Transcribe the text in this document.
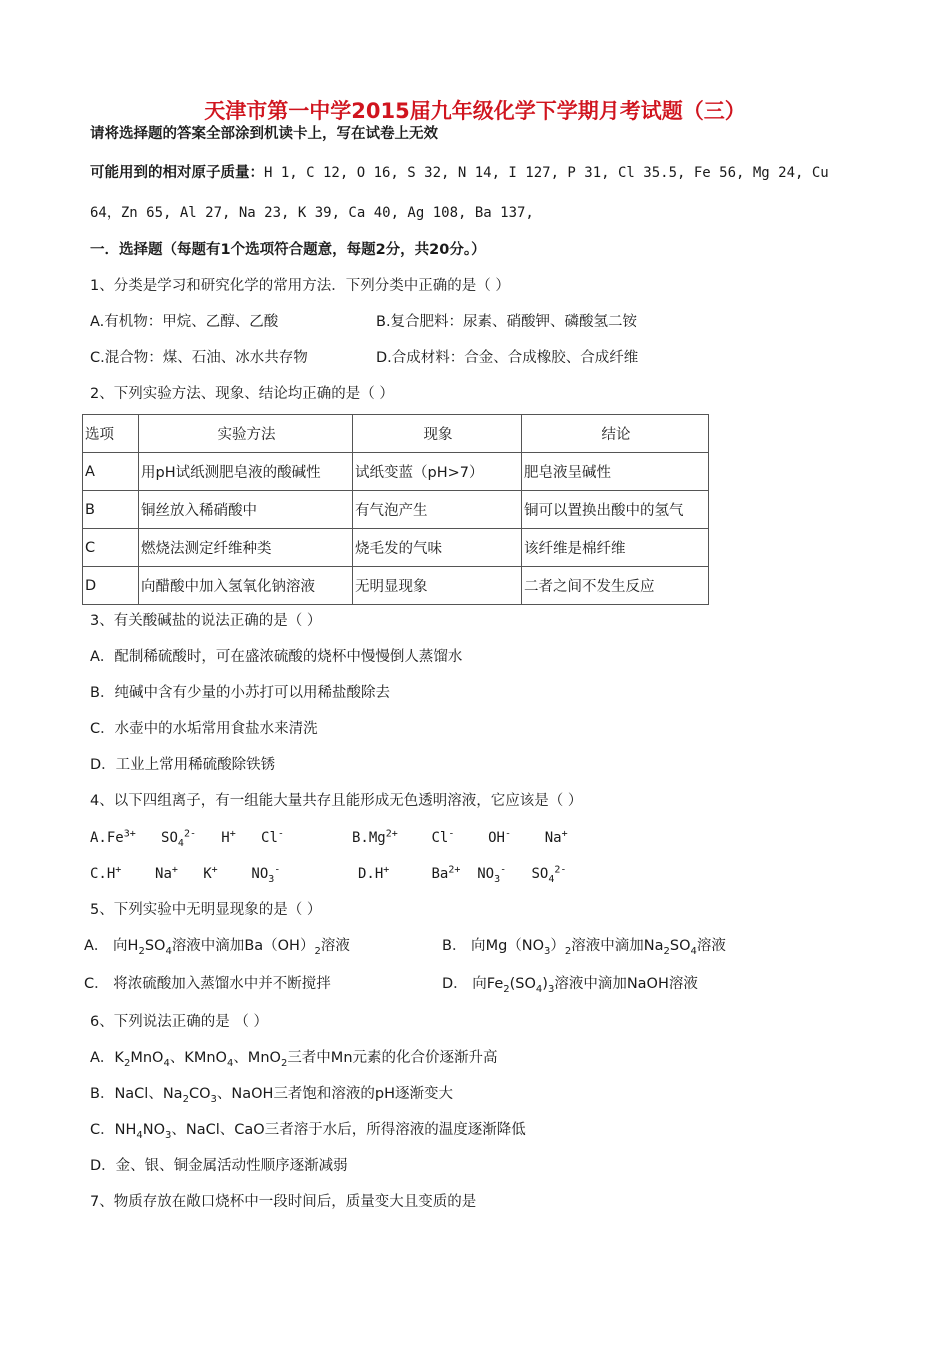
天津市第一中学2015届九年级化学下学期月考试题（三）
请将选择题的答案全部涂到机读卡上，写在试卷上无效
可能用到的相对原子质量：H 1, C 12, O 16, S 32, N 14, I 127, P 31, Cl 35.5, Fe 56, Mg 24, Cu
64，Zn 65, Al 27, Na 23, K 39, Ca 40, Ag 108, Ba 137,
一．选择题（每题有1个选项符合题意，每题2分，共20分。）
1、分类是学习和研究化学的常用方法．下列分类中正确的是（ ）
A.有机物：甲烷、乙醇、乙酸	B.复合肥料：尿素、硝酸钾、磷酸氢二铵
C.混合物：煤、石油、冰水共存物	D.合成材料：合金、合成橡胶、合成纤维
2、下列实验方法、现象、结论均正确的是（ ）
选项	实验方法	现象	结论
A	用pH试纸测肥皂液的酸碱性	试纸变蓝（pH>7）	肥皂液呈碱性
B	铜丝放入稀硝酸中	有气泡产生	铜可以置换出酸中的氢气
C	燃烧法测定纤维种类	烧毛发的气味	该纤维是棉纤维
D	向醋酸中加入氢氧化钠溶液	无明显现象	二者之间不发生反应
3、有关酸碱盐的说法正确的是（ ）
A．配制稀硫酸时，可在盛浓硫酸的烧杯中慢慢倒人蒸馏水
B．纯碱中含有少量的小苏打可以用稀盐酸除去
C．水壶中的水垢常用食盐水来清洗
D．工业上常用稀硫酸除铁锈
4、以下四组离子，有一组能大量共存且能形成无色透明溶液，它应该是（ ）
$A.Fe^{3+}$   $SO_4^{2-}$   H+   Cl-	$B.Mg^{2+}$    Cl-    OH-    Na+
C.H+    Na+   K+    $NO_3^-$	D.H+     $Ba^{2+}$  $NO_3^-$   $SO_4^{2-}$
5、下列实验中无明显现象的是（ ）
A． 向$H_2SO_4$溶液中滴加$Ba(OH)_2$溶液	B． 向$Mg(NO_3)_2$溶液中滴加$Na_2SO_4$溶液
C． 将浓硫酸加入蒸馏水中并不断搅拌	D． 向$Fe_2(SO_4)_3$溶液中滴加NaOH溶液
6、下列说法正确的是 （ ）
A．$K_2MnO_4$、KMnO$_4$、MnO$_2$三者中Mn元素的化合价逐渐升高
B．NaCl、$Na_2CO_3$、NaOH三者饱和溶液的pH逐渐变大
C．$NH_4NO_3$、NaCl、CaO三者溶于水后，所得溶液的温度逐渐降低
D．金、银、铜金属活动性顺序逐渐减弱
7、物质存放在敞口烧杯中一段时间后，质量变大且变质的是
